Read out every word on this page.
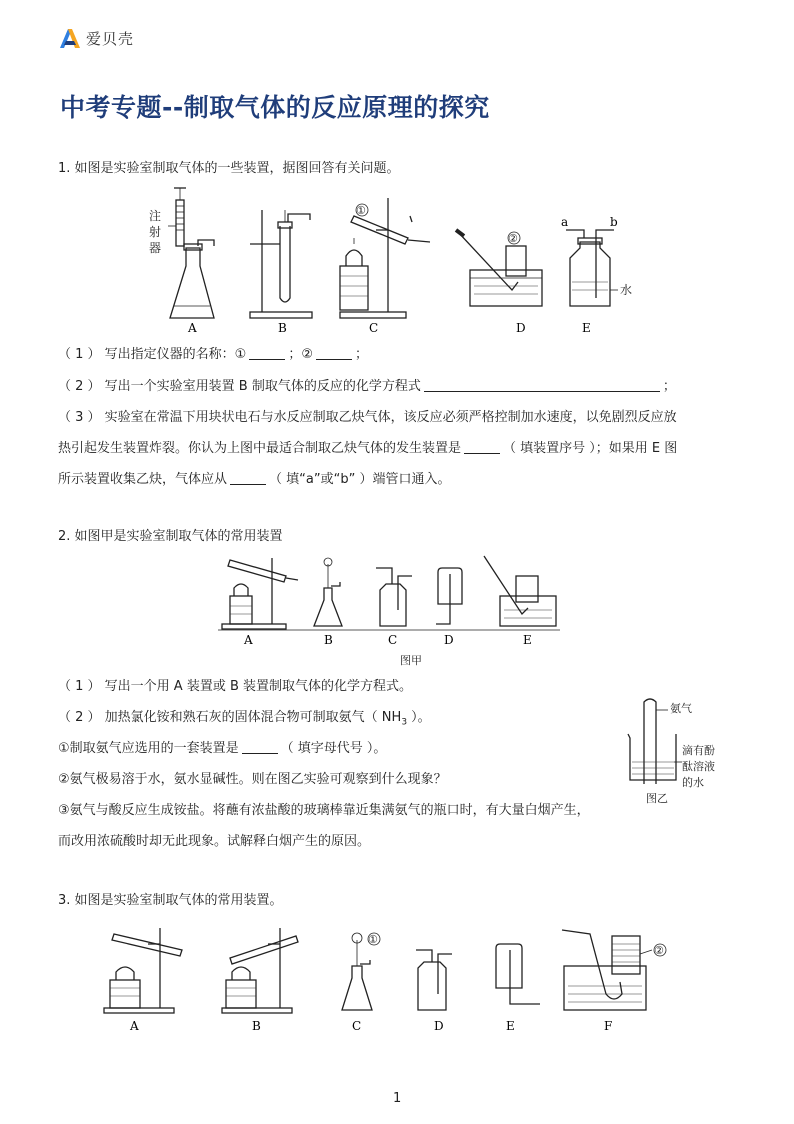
爱贝壳
中考专题--制取气体的反应原理的探究
1. 如图是实验室制取气体的一些装置，据图回答有关问题。
注
射
器
A	B
①
C
②
D
a	b
水
E
（ 1 ） 写出指定仪器的名称：①	；②	；
（ 2 ） 写出一个实验室用装置 B 制取气体的反应的化学方程式	；
（ 3 ） 实验室在常温下用块状电石与水反应制取乙炔气体，该反应必须严格控制加水速度，以免剧烈反应放
热引起发生装置炸裂。你认为上图中最适合制取乙炔气体的发生装置是	（ 填装置序号 ）；如果用 E 图
所示装置收集乙炔，气体应从	（ 填“a”或“b” ）端管口通入。
2. 如图甲是实验室制取气体的常用装置
A	B	C	D	E
图甲
（ 1 ） 写出一个用 A 装置或 B 装置制取气体的化学方程式。
（ 2 ） 加热氯化铵和熟石灰的固体混合物可制取氨气（ $NH_3$ ）。
①制取氨气应选用的一套装置是	（ 填字母代号 ）。
②氨气极易溶于水，氨水显碱性。则在图乙实验可观察到什么现象？
③氨气与酸反应生成铵盐。将蘸有浓盐酸的玻璃棒靠近集满氨气的瓶口时，有大量白烟产生，
而改用浓硫酸时却无此现象。试解释白烟产生的原因。
氨气
滴有酚
酞溶液
的水
图乙
3. 如图是实验室制取气体的常用装置。
A	B
①
C	D	E
②
F
1
